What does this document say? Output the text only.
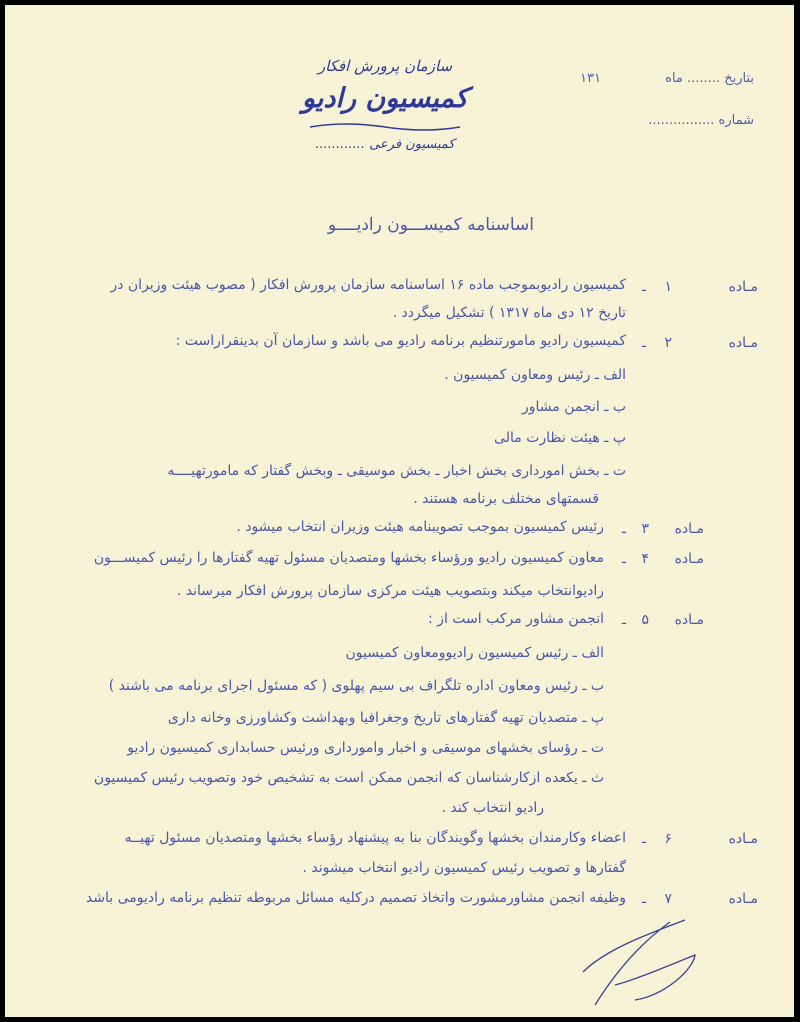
سازمان پرورش افکار
کمیسیون رادیو
کمیسیون فرعی ............
بتاریخ ........ ماه ۱۳۱
شماره ................
اساسنامه کمیســـون رادیــــو
مـاده
۱
ـ
کمیسیون رادیوبموجب ماده ۱۶ اساسنامه سازمان پرورش افکار ( مصوب هیئت وزیران در
تاریخ ۱۲ دی ماه ۱۳۱۷ ) تشکیل میگردد .
مـاده
۲
ـ
کمیسیون رادیو مامورتنظیم برنامه رادیو می باشد و سازمان آن بدینقراراست :
الف ـ رئیس ومعاون کمیسیون .
ب ـ انجمن مشاور
پ ـ هیئت نظارت مالی
ت ـ بخش امورداری بخش اخبار ـ بخش موسیقی ـ وبخش گفتار که مامورتهیــــه
قسمتهای مختلف برنامه هستند .
مـاده
۳
ـ
رئیس کمیسیون بموجب تصویبنامه هیئت وزیران انتخاب میشود .
مـاده
۴
ـ
معاون کمیسیون رادیو ورؤساء بخشها ومتصدیان مسئول تهیه گفتارها را رئیس کمیســـون
رادیوانتخاب میکند وبتصویب هیئت مرکزی سازمان پرورش افکار میرساند .
مـاده
۵
ـ
انجمن مشاور مرکب است از :
الف ـ رئیس کمیسیون رادیوومعاون کمیسیون
ب ـ رئیس ومعاون اداره تلگراف بی سیم پهلوی ( که مسئول اجرای برنامه می باشند )
پ ـ متصدیان تهیه گفتارهای تاریخ وجغرافیا وبهداشت وکشاورزی وخانه داری
ت ـ رؤسای بخشهای موسیقی و اخبار وامورداری ورئیس حسابداری کمیسیون رادیو
ث ـ یکعده ازکارشناسان که انجمن ممکن است به تشخیص خود وتصویب رئیس کمیسیون
رادیو انتخاب کند .
مـاده
۶
ـ
اعضاء وکارمندان بخشها وگویندگان بنا به پیشنهاد رؤساء بخشها ومتصدیان مسئول تهیــه
گفتارها و تصویب رئیس کمیسیون رادیو انتخاب میشوند .
مـاده
۷
ـ
وظیفه انجمن مشاورمشورت واتخاذ تصمیم درکلیه مسائل مربوطه تنظیم برنامه رادیومی باشد
